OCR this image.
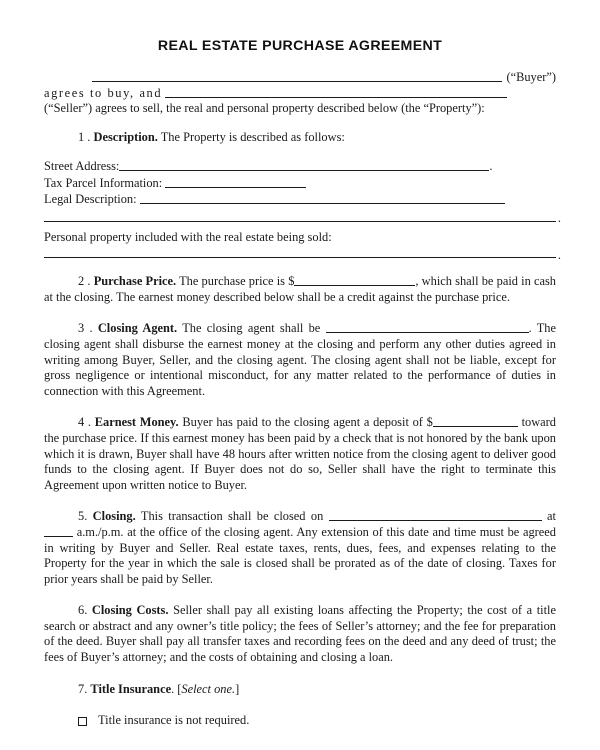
REAL ESTATE PURCHASE AGREEMENT
(“Buyer”)
agrees to buy, and

(“Seller”) agrees to sell, the real and personal property described below (the “Property”):

1 . Description. The Property is described as follows:

Street Address:	.
Tax Parcel Information:
Legal Description:
.

Personal property included with the real estate being sold:

.

2 . Purchase Price. The purchase price is $	, which shall be paid in cash at the closing. The earnest money described below shall be a credit against the purchase price.

3 . Closing Agent. The closing agent shall be	. The closing agent shall disburse the earnest money at the closing and perform any other duties agreed in writing among Buyer, Seller, and the closing agent. The closing agent shall not be liable, except for gross negligence or intentional misconduct, for any matter related to the performance of duties in connection with this Agreement.

4 . Earnest Money. Buyer has paid to the closing agent a deposit of $	toward the purchase price. If this earnest money has been paid by a check that is not honored by the bank upon which it is drawn, Buyer shall have 48 hours after written notice from the closing agent to deliver good funds to the closing agent. If Buyer does not do so, Seller shall have the right to terminate this Agreement upon written notice to Buyer.

5. Closing. This transaction shall be closed on	at  a.m./p.m. at the office of the closing agent. Any extension of this date and time must be agreed in writing by Buyer and Seller. Real estate taxes, rents, dues, fees, and expenses relating to the Property for the year in which the sale is closed shall be prorated as of the date of closing. Taxes for prior years shall be paid by Seller.

6. Closing Costs. Seller shall pay all existing loans affecting the Property; the cost of a title search or abstract and any owner’s title policy; the fees of Seller’s attorney; and the fee for preparation of the deed. Buyer shall pay all transfer taxes and recording fees on the deed and any deed of trust; the fees of Buyer’s attorney; and the costs of obtaining and closing a loan.

7. Title Insurance. [Select one.]

Title insurance is not required.
